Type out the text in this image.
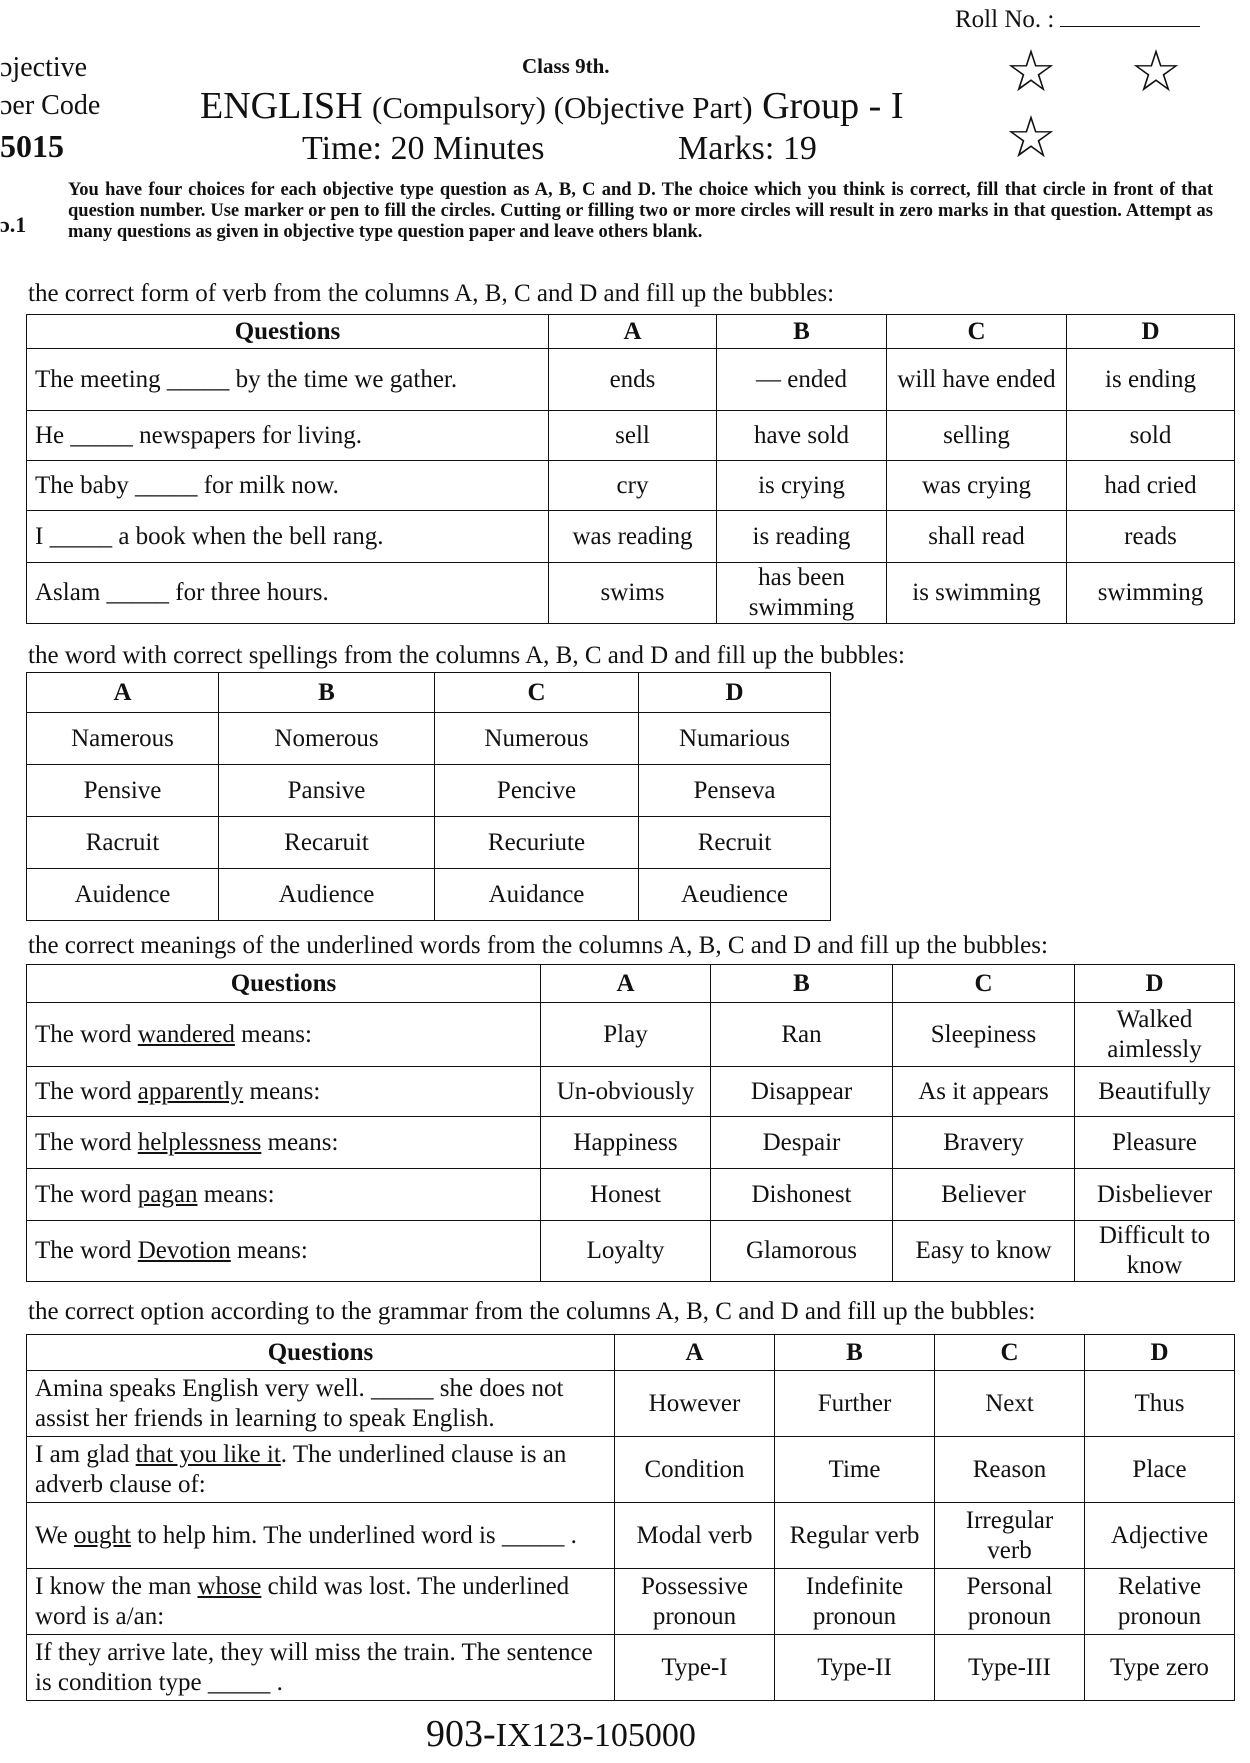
Roll No. :
ɔjective
ɔer Code
5015
Class 9th.
ENGLISH (Compulsory) (Objective Part) Group - I
Time: 20 Minutes	Marks: 19
☆ ☆
☆
ɔ.1
You have four choices for each objective type question as A, B, C and D. The choice which you think is correct, fill that circle in front of that question number. Use marker or pen to fill the circles. Cutting or filling two or more circles will result in zero marks in that question. Attempt as many questions as given in objective type question paper and leave others blank.
the correct form of verb from the columns A, B, C and D and fill up the bubbles:
Questions	A	B	C	D
The meeting _____ by the time we gather.	ends	— ended	will have ended	is ending
He _____ newspapers for living.	sell	have sold	selling	sold
The baby _____ for milk now.	cry	is crying	was crying	had cried
I _____ a book when the bell rang.	was reading	is reading	shall read	reads
Aslam _____ for three hours.	swims	has been swimming	is swimming	swimming
the word with correct spellings from the columns A, B, C and D and fill up the bubbles:
A	B	C	D
Namerous	Nomerous	Numerous	Numarious
Pensive	Pansive	Pencive	Penseva
Racruit	Recaruit	Recuriute	Recruit
Auidence	Audience	Auidance	Aeudience
the correct meanings of the underlined words from the columns A, B, C and D and fill up the bubbles:
Questions	A	B	C	D
The word wandered means:	Play	Ran	Sleepiness	Walked aimlessly
The word apparently means:	Un-obviously	Disappear	As it appears	Beautifully
The word helplessness means:	Happiness	Despair	Bravery	Pleasure
The word pagan means:	Honest	Dishonest	Believer	Disbeliever
The word Devotion means:	Loyalty	Glamorous	Easy to know	Difficult to know
the correct option according to the grammar from the columns A, B, C and D and fill up the bubbles:
Questions	A	B	C	D
Amina speaks English very well. _____ she does not assist her friends in learning to speak English.	However	Further	Next	Thus
I am glad that you like it. The underlined clause is an adverb clause of:	Condition	Time	Reason	Place
We ought to help him. The underlined word is _____ .	Modal verb	Regular verb	Irregular verb	Adjective
I know the man whose child was lost. The underlined word is a/an:	Possessive pronoun	Indefinite pronoun	Personal pronoun	Relative pronoun
If they arrive late, they will miss the train. The sentence is condition type _____ .	Type-I	Type-II	Type-III	Type zero
903-IX123-105000
